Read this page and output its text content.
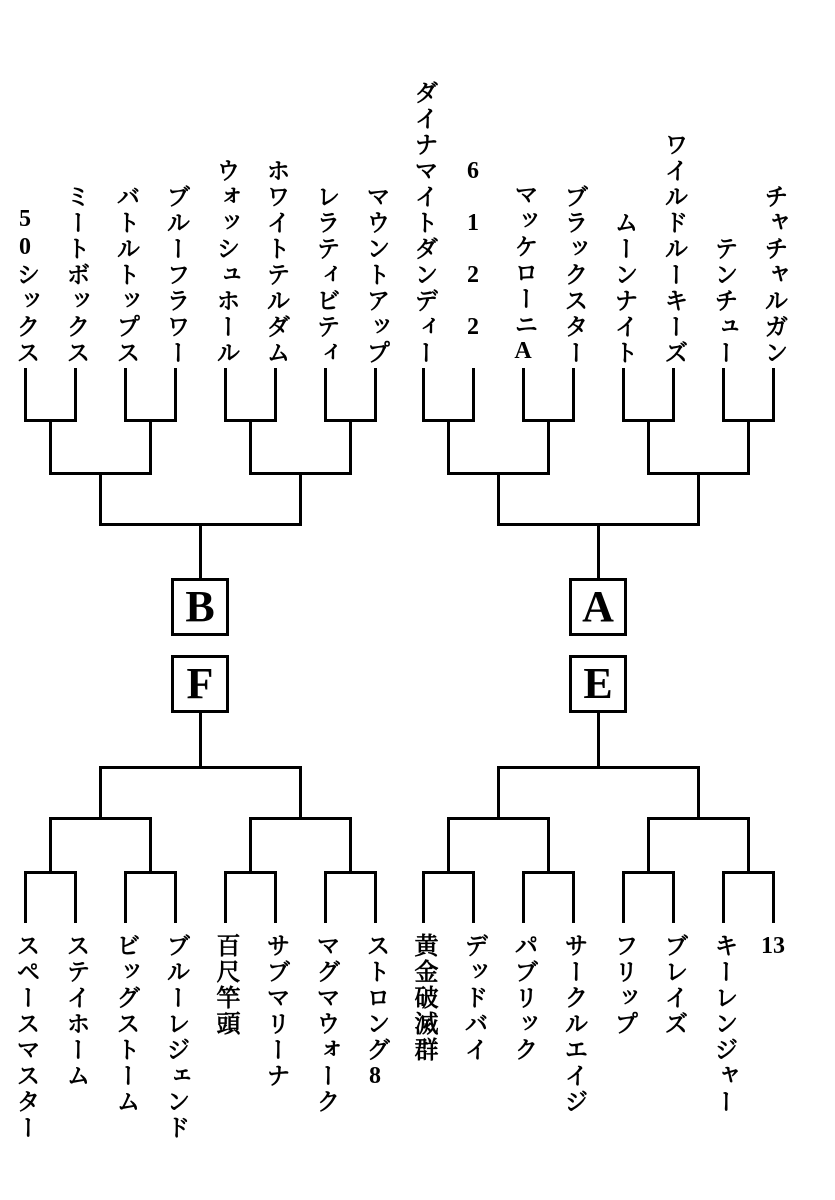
B	A
F	E
50シックス
ミートボックス
バトルトップス
ブルーフラワー
ウォッシュホール
ホワイトテルダム
レラティビティ
マウントアップ
ダイナマイトダンディー
6122
マッケローニA
ブラックスター
ムーンナイト
ワイルドルーキーズ
テンチュー
チャチャルガン
スペースマスター
ステイホーム
ビッグストーム
ブルーレジェンド
百尺竿頭
サブマリーナ
マグマウォーク
ストロング8
黄金破滅群
デッドバイ
パブリック
サークルエイジ
フリップ
ブレイズ
キーレンジャー
13
